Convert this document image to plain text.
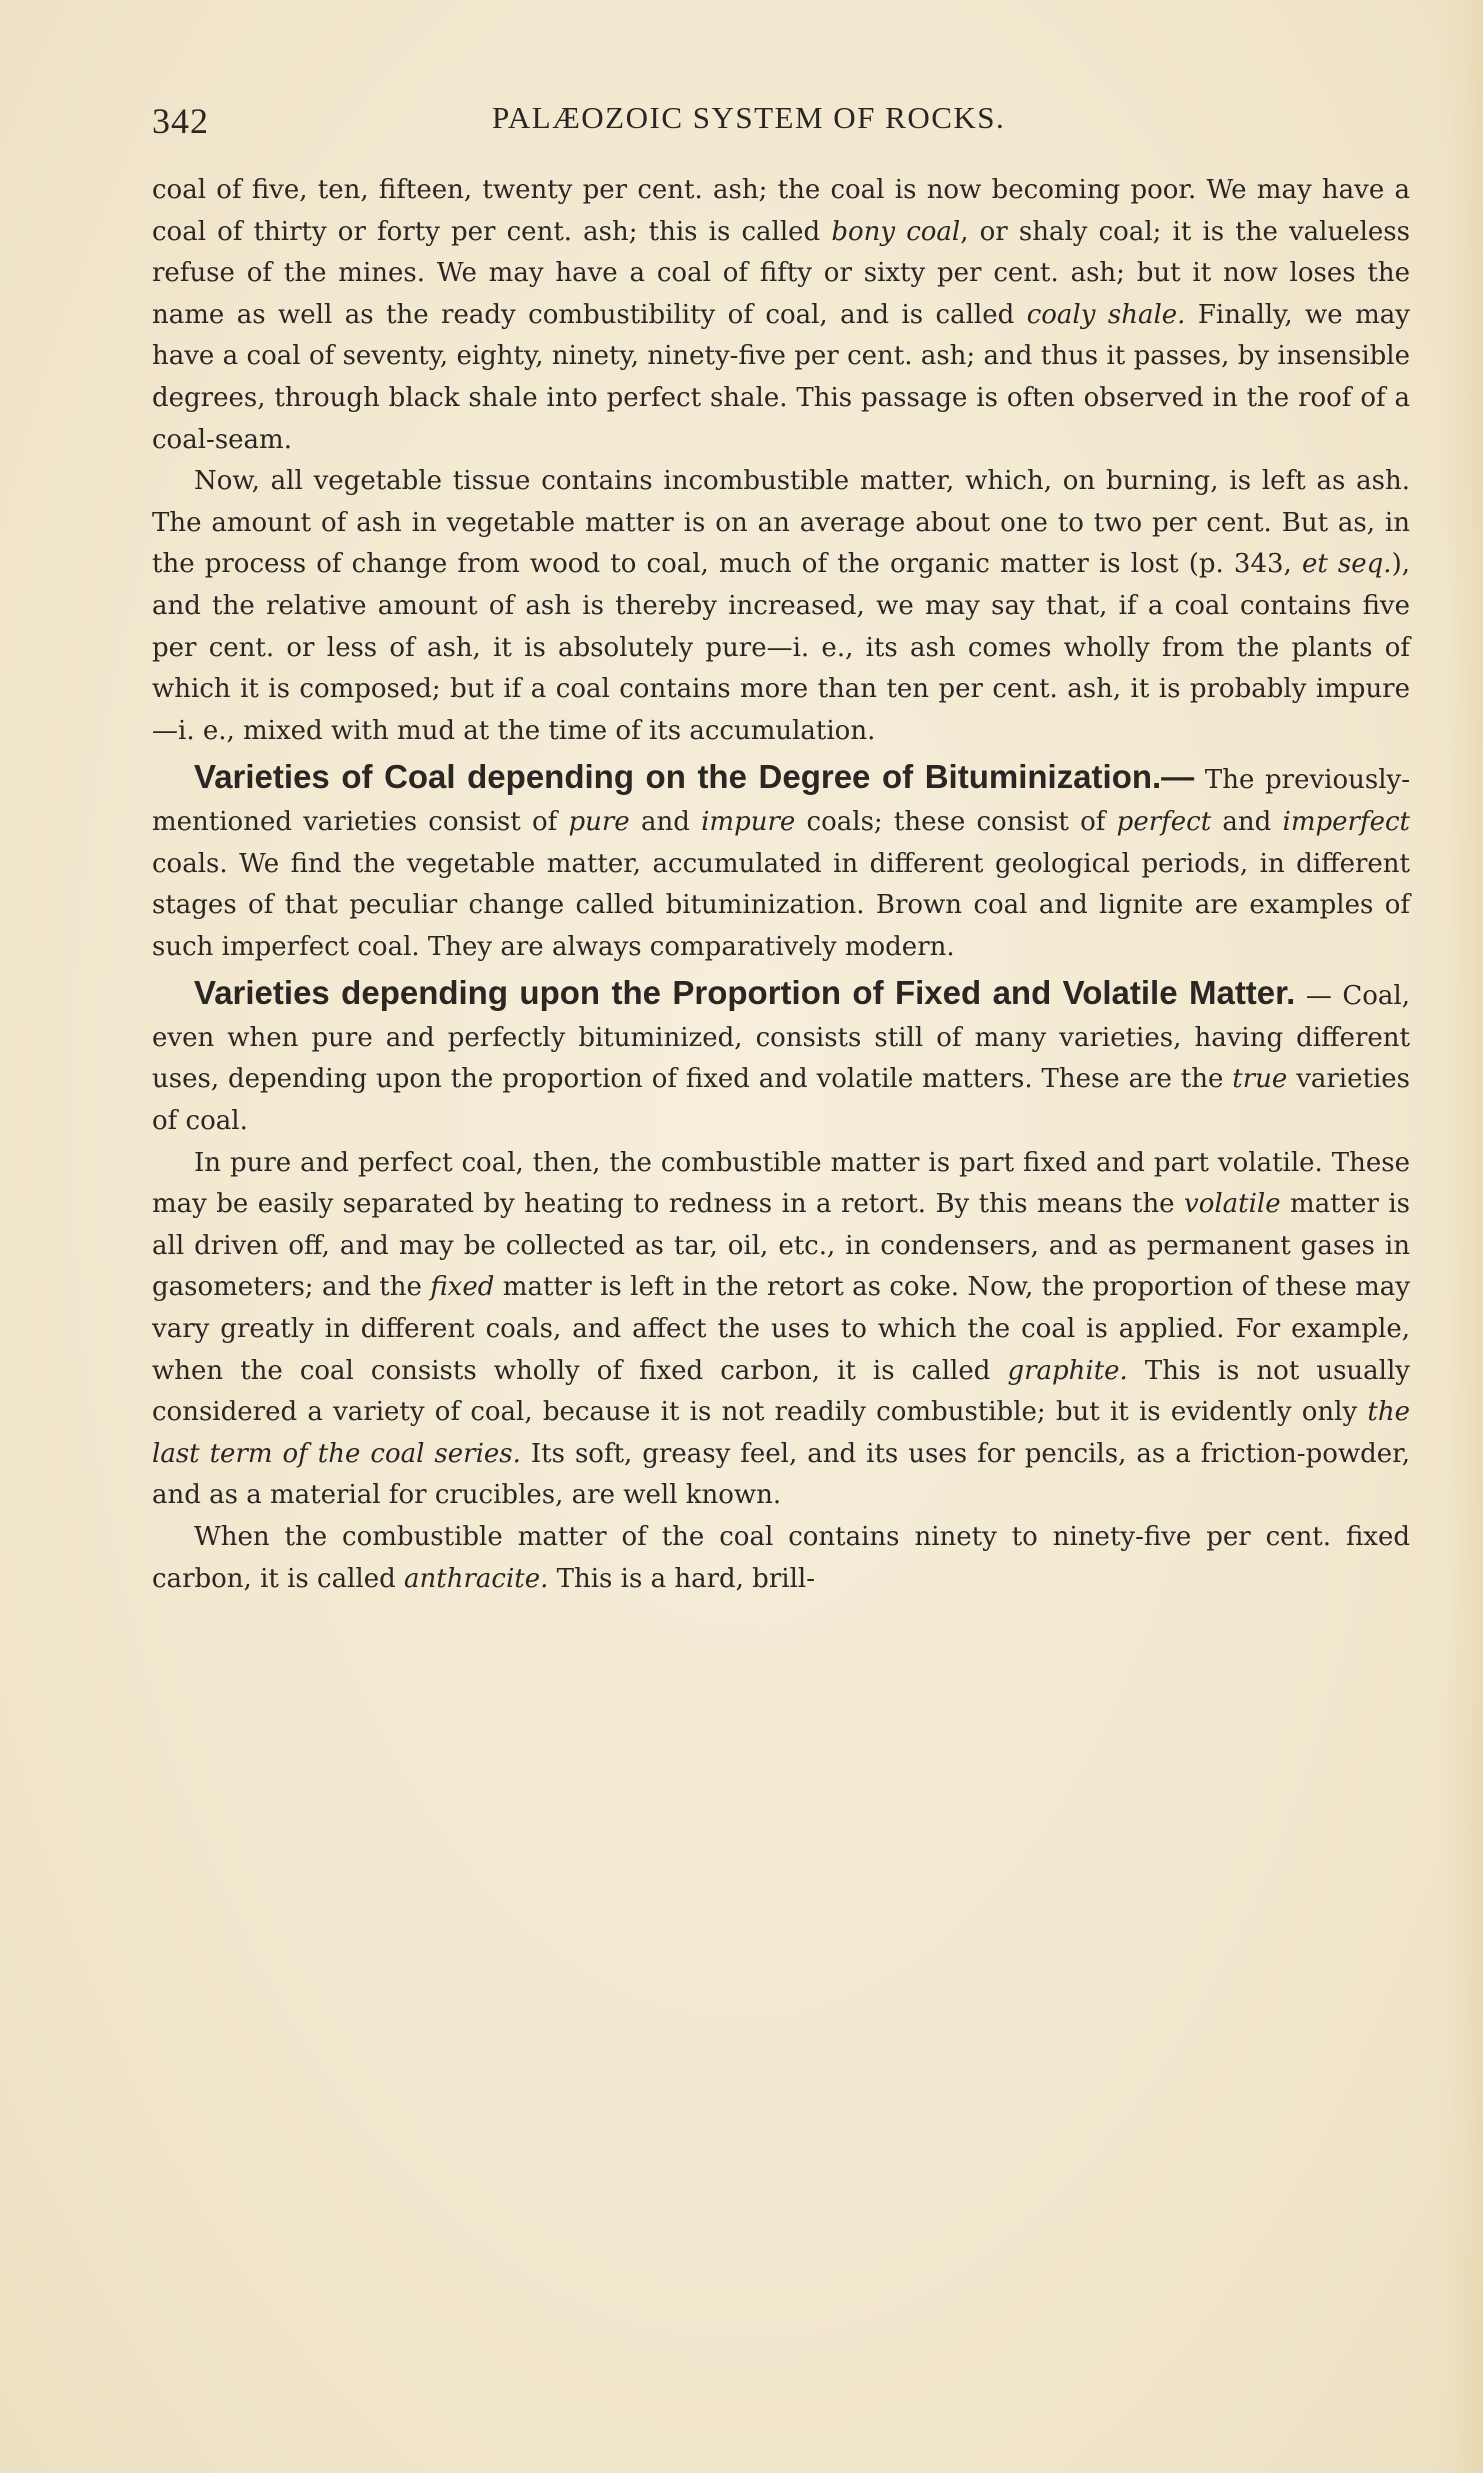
342	PALÆOZOIC SYSTEM OF ROCKS.

coal of five, ten, fifteen, twenty per cent. ash; the coal is now becoming poor. We may have a coal of thirty or forty per cent. ash; this is called bony coal, or shaly coal; it is the valueless refuse of the mines. We may have a coal of fifty or sixty per cent. ash; but it now loses the name as well as the ready combustibility of coal, and is called coaly shale. Finally, we may have a coal of seventy, eighty, ninety, ninety-five per cent. ash; and thus it passes, by insensible degrees, through black shale into perfect shale. This passage is often observed in the roof of a coal-seam.

Now, all vegetable tissue contains incombustible matter, which, on burning, is left as ash. The amount of ash in vegetable matter is on an average about one to two per cent. But as, in the process of change from wood to coal, much of the organic matter is lost (p. 343, et seq.), and the relative amount of ash is thereby increased, we may say that, if a coal contains five per cent. or less of ash, it is absolutely pure—i. e., its ash comes wholly from the plants of which it is composed; but if a coal contains more than ten per cent. ash, it is probably impure—i. e., mixed with mud at the time of its accumulation.

Varieties of Coal depending on the Degree of Bituminization.— The previously-mentioned varieties consist of pure and impure coals; these consist of perfect and imperfect coals. We find the vegetable matter, accumulated in different geological periods, in different stages of that peculiar change called bituminization. Brown coal and lignite are examples of such imperfect coal. They are always comparatively modern.

Varieties depending upon the Proportion of Fixed and Volatile Matter. — Coal, even when pure and perfectly bituminized, consists still of many varieties, having different uses, depending upon the proportion of fixed and volatile matters. These are the true varieties of coal.

In pure and perfect coal, then, the combustible matter is part fixed and part volatile. These may be easily separated by heating to redness in a retort. By this means the volatile matter is all driven off, and may be collected as tar, oil, etc., in condensers, and as permanent gases in gasometers; and the fixed matter is left in the retort as coke. Now, the proportion of these may vary greatly in different coals, and affect the uses to which the coal is applied. For example, when the coal consists wholly of fixed carbon, it is called graphite. This is not usually considered a variety of coal, because it is not readily combustible; but it is evidently only the last term of the coal series. Its soft, greasy feel, and its uses for pencils, as a friction-powder, and as a material for crucibles, are well known.

When the combustible matter of the coal contains ninety to ninety-five per cent. fixed carbon, it is called anthracite. This is a hard, brill-
